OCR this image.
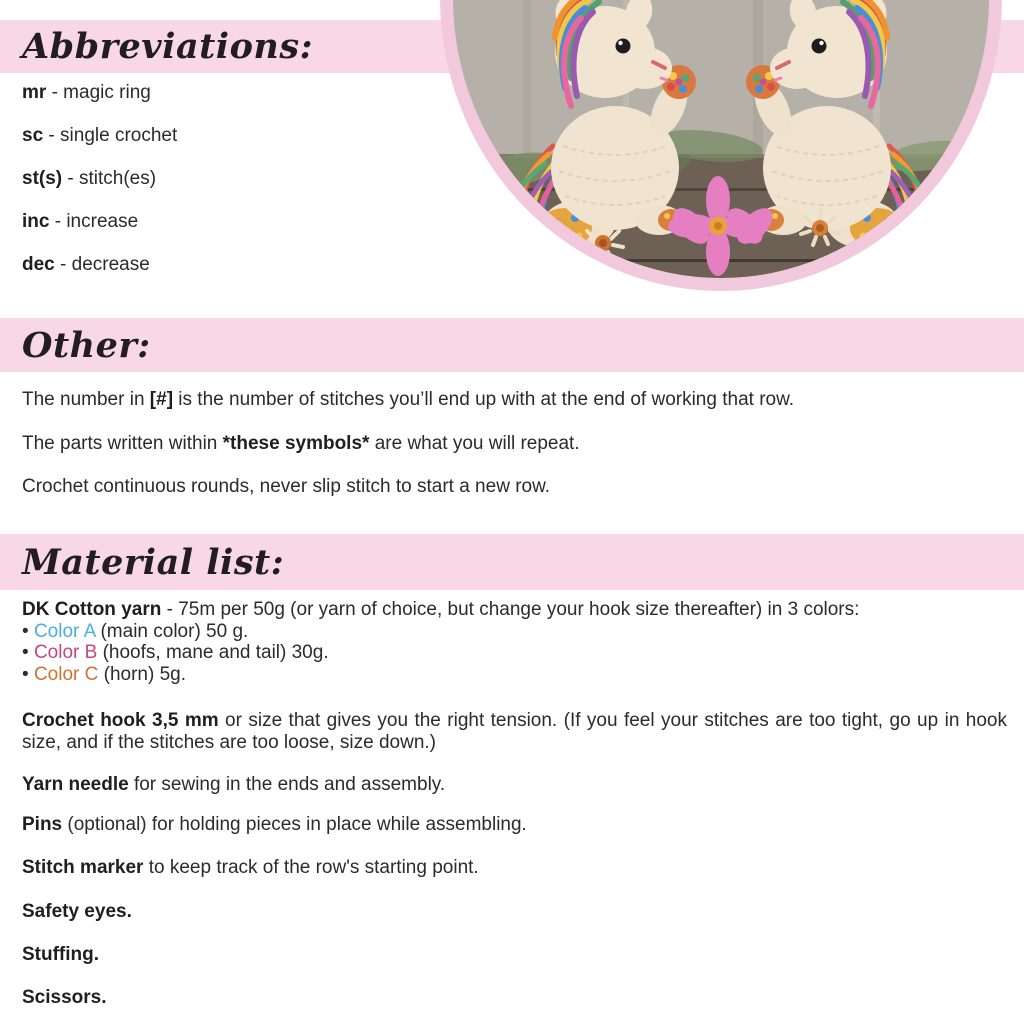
Abbreviations:
mr - magic ring
sc - single crochet
st(s) - stitch(es)
inc - increase
dec - decrease
Other:
The number in [#] is the number of stitches you’ll end up with at the end of working that row.
The parts written within *these symbols* are what you will repeat.
Crochet continuous rounds, never slip stitch to start a new row.
Material list:
DK Cotton yarn - 75m per 50g (or yarn of choice, but change your hook size thereafter) in 3 colors:
• Color A (main color) 50 g.
• Color B (hoofs, mane and tail) 30g.
• Color C (horn) 5g.
Crochet hook 3,5 mm or size that gives you the right tension. (If you feel your stitches are too tight, go up in hook size, and if the stitches are too loose, size down.)
Yarn needle for sewing in the ends and assembly.
Pins (optional) for holding pieces in place while assembling.
Stitch marker to keep track of the row's starting point.
Safety eyes.
Stuffing.
Scissors.
